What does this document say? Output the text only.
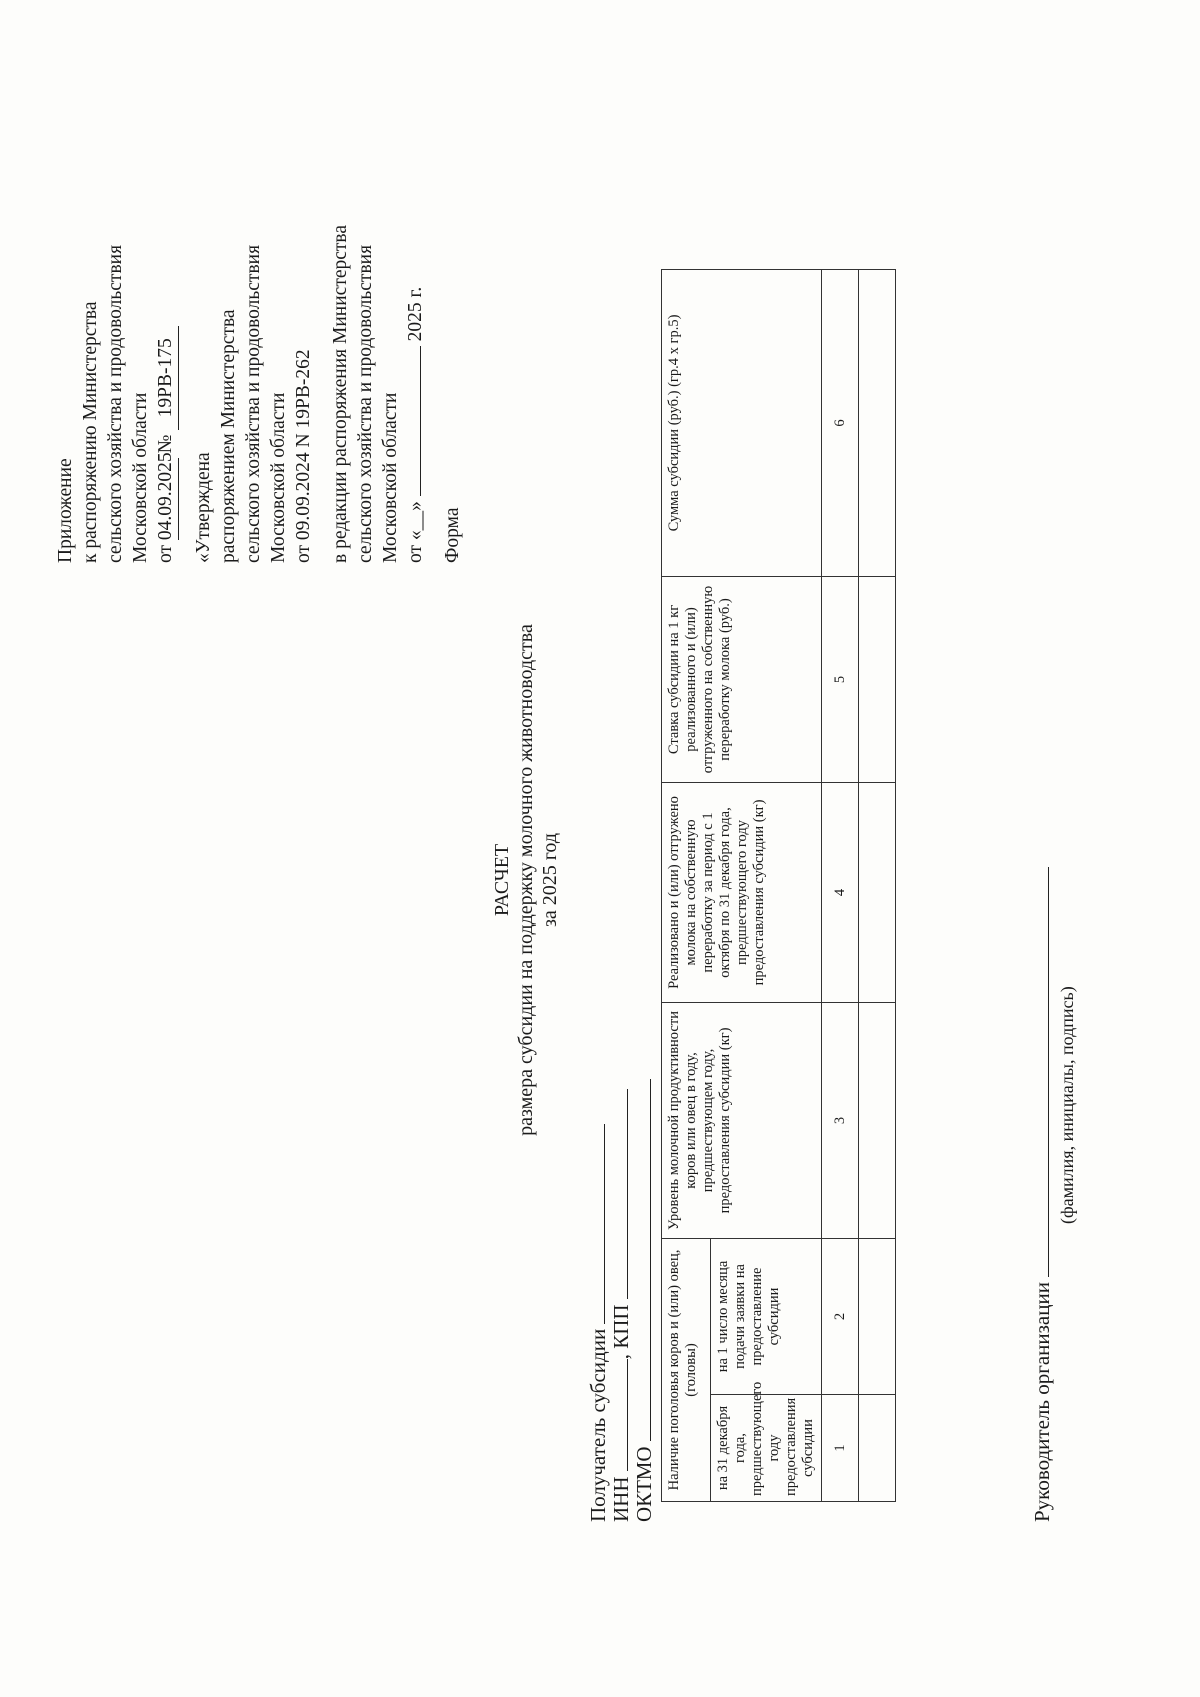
Приложение к распоряжению Министерства сельского хозяйства и продовольствия Московской области от 04.09.2025 № 19РВ-175
«Утверждена распоряжением Министерства сельского хозяйства и продовольствия Московской области от 09.09.2024 N 19РВ-262 в редакции распоряжения Министерства сельского хозяйства и продовольствия Московской области от «__»  2025 г.
Форма
РАСЧЕТ размера субсидии на поддержку молочного животноводства за 2025 год
Получатель субсидии ИНН , КПП
ОКТМО Наличие поголовья коров и (или) овец, (головы)		Уровень молочной продуктивности коров или овец в году, предшествующем году, предоставления субсидии (кг)	Реализовано и (или) отгружено молока на собственную переработку за период с 1 октября по 31 декабря года, предшествующего году предоставления субсидии (кг)	Ставка субсидии на 1 кг реализованного и (или) отгруженного на собственную переработку молока (руб.)	Сумма субсидии (руб.) (гр.4 х гр.5)
на 31 декабря года, предшествующего году предоставления субсидии	на 1 число месяца подачи заявки на предоставление субсидии				
1	2	3	4	5	6

Руководитель организации
(фамилия, инициалы, подпись)
